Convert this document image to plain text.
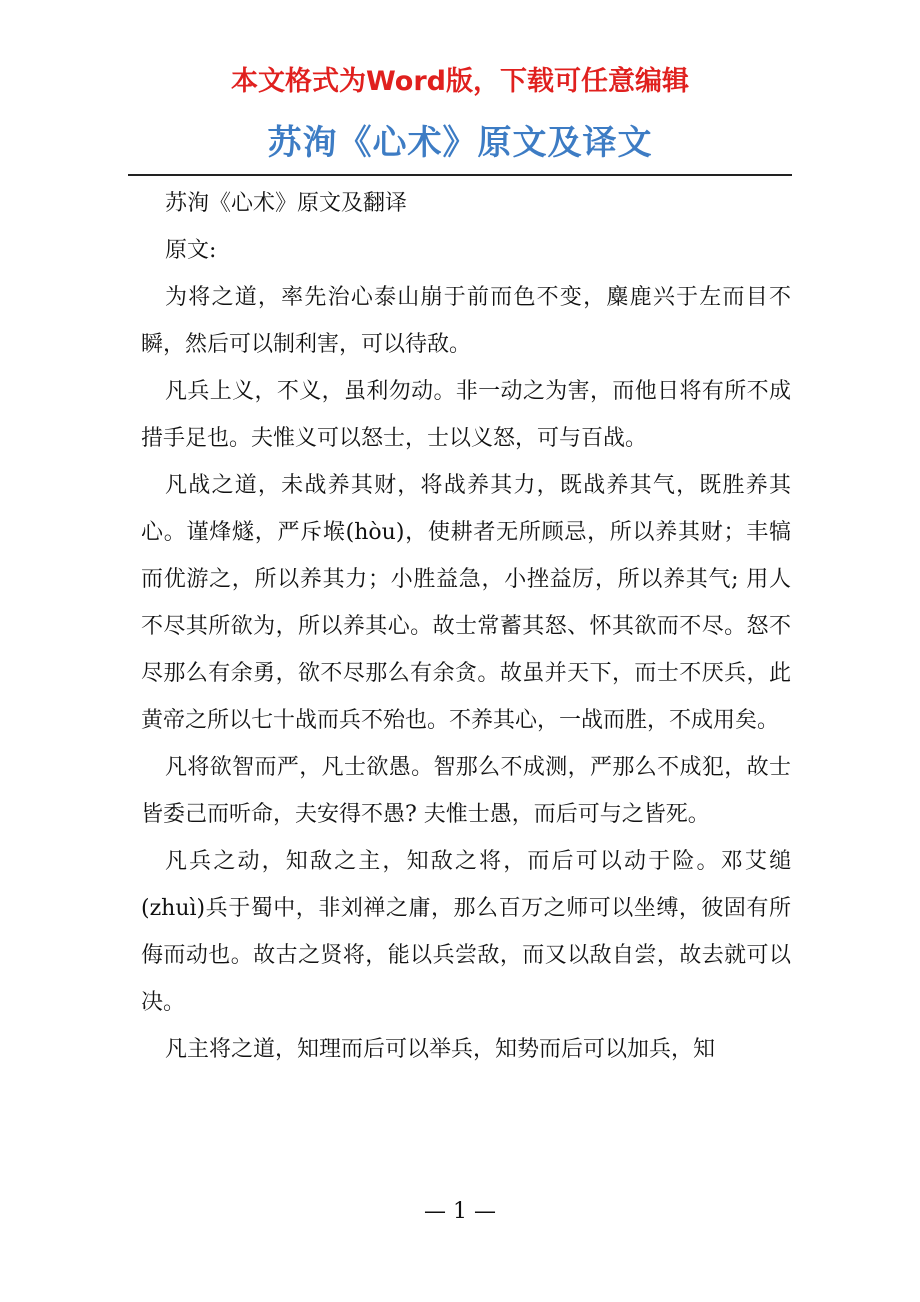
本文格式为Word版，下载可任意编辑
苏洵《心术》原文及译文

苏洵《心术》原文及翻译

原文:

为将之道，率先治心泰山崩于前而色不变，麋鹿兴于左而目不瞬，然后可以制利害，可以待敌。

凡兵上义，不义，虽利勿动。非一动之为害，而他日将有所不成措手足也。夫惟义可以怒士，士以义怒，可与百战。

凡战之道，未战养其财，将战养其力，既战养其气，既胜养其心。谨烽燧，严斥堠(hòu)，使耕者无所顾忌，所以养其财；丰犒而优游之，所以养其力；小胜益急，小挫益厉，所以养其气; 用人不尽其所欲为，所以养其心。故士常蓄其怒、怀其欲而不尽。怒不尽那么有余勇，欲不尽那么有余贪。故虽并天下，而士不厌兵，此黄帝之所以七十战而兵不殆也。不养其心，一战而胜，不成用矣。

凡将欲智而严，凡士欲愚。智那么不成测，严那么不成犯，故士皆委己而听命，夫安得不愚? 夫惟士愚，而后可与之皆死。

凡兵之动，知敌之主，知敌之将，而后可以动于险。邓艾缒(zhuì)兵于蜀中，非刘禅之庸，那么百万之师可以坐缚，彼固有所侮而动也。故古之贤将，能以兵尝敌，而又以敌自尝，故去就可以决。

凡主将之道，知理而后可以举兵，知势而后可以加兵，知

— 1 —
